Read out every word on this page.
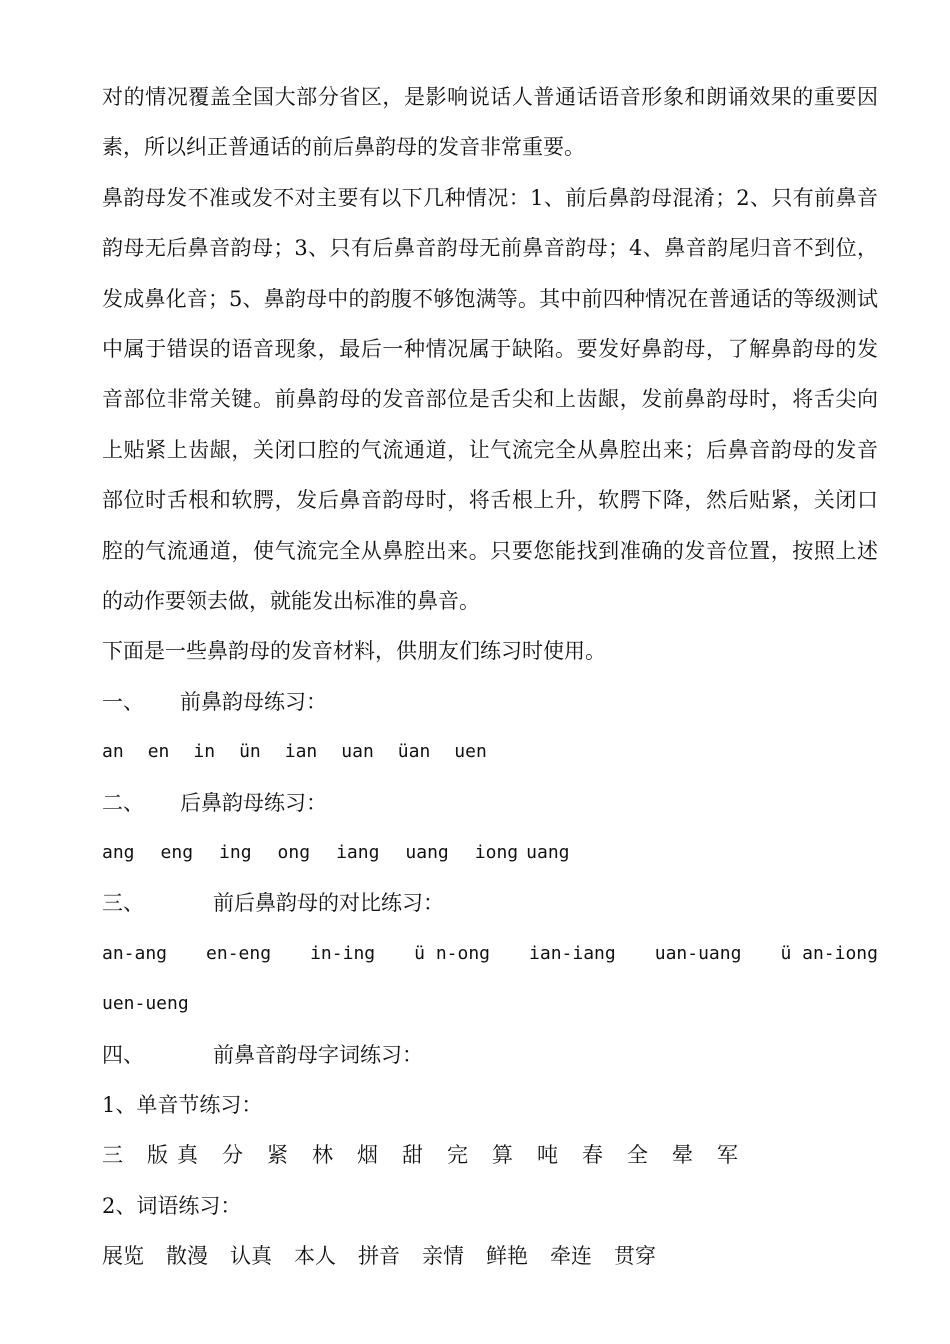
对的情况覆盖全国大部分省区，是影响说话人普通话语音形象和朗诵效果的重要因素，所以纠正普通话的前后鼻韵母的发音非常重要。

鼻韵母发不准或发不对主要有以下几种情况：1、前后鼻韵母混淆；2、只有前鼻音韵母无后鼻音韵母；3、只有后鼻音韵母无前鼻音韵母；4、鼻音韵尾归音不到位，发成鼻化音；5、鼻韵母中的韵腹不够饱满等。其中前四种情况在普通话的等级测试中属于错误的语音现象，最后一种情况属于缺陷。要发好鼻韵母，了解鼻韵母的发音部位非常关键。前鼻韵母的发音部位是舌尖和上齿龈，发前鼻韵母时，将舌尖向上贴紧上齿龈，关闭口腔的气流通道，让气流完全从鼻腔出来；后鼻音韵母的发音部位时舌根和软腭，发后鼻音韵母时，将舌根上升，软腭下降，然后贴紧，关闭口腔的气流通道，使气流完全从鼻腔出来。只要您能找到准确的发音位置，按照上述的动作要领去做，就能发出标准的鼻音。

下面是一些鼻韵母的发音材料，供朋友们练习时使用。

一、 前鼻韵母练习：
an en in ün ian uan üan uen
二、 后鼻韵母练习：
ang eng ing ong iang uang iong uang
三、	前后鼻韵母的对比练习：
an-ang en-eng in-ing ü n-ong ian-iang uan-uang ü an-iong
uen-ueng
四、	前鼻音韵母字词练习：
1、单音节练习：
三 版 真 分 紧 林 烟 甜 完 算 吨 春 全 晕 军
2、词语练习：
展览 散漫 认真 本人 拼音 亲情 鲜艳 牵连 贯穿
